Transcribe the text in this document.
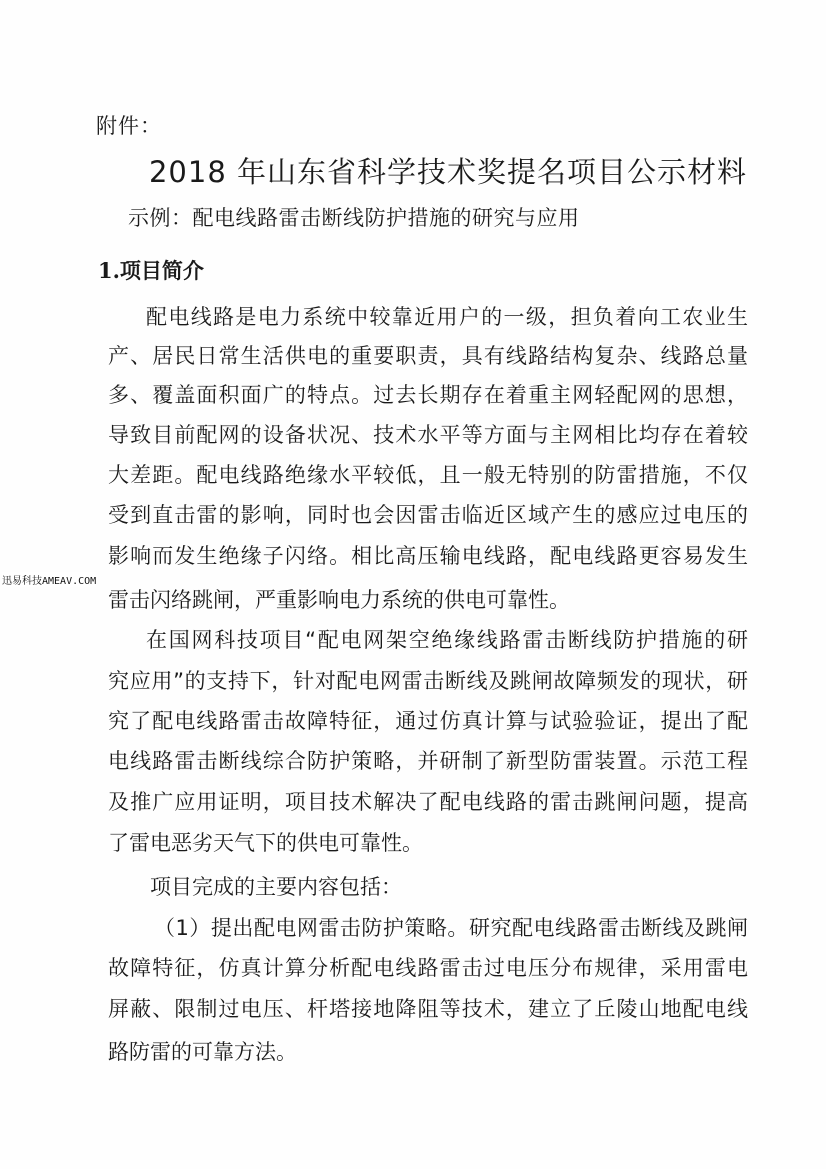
附件：
2018 年山东省科学技术奖提名项目公示材料
示例：配电线路雷击断线防护措施的研究与应用
1.项目简介
配电线路是电力系统中较靠近用户的一级，担负着向工农业生
产、居民日常生活供电的重要职责，具有线路结构复杂、线路总量
多、覆盖面积面广的特点。过去长期存在着重主网轻配网的思想，
导致目前配网的设备状况、技术水平等方面与主网相比均存在着较
大差距。配电线路绝缘水平较低，且一般无特别的防雷措施，不仅
受到直击雷的影响，同时也会因雷击临近区域产生的感应过电压的
影响而发生绝缘子闪络。相比高压输电线路，配电线路更容易发生
雷击闪络跳闸，严重影响电力系统的供电可靠性。
在国网科技项目“配电网架空绝缘线路雷击断线防护措施的研
究应用”的支持下，针对配电网雷击断线及跳闸故障频发的现状，研
究了配电线路雷击故障特征，通过仿真计算与试验验证，提出了配
电线路雷击断线综合防护策略，并研制了新型防雷装置。示范工程
及推广应用证明，项目技术解决了配电线路的雷击跳闸问题，提高
了雷电恶劣天气下的供电可靠性。
项目完成的主要内容包括：
（1）提出配电网雷击防护策略。研究配电线路雷击断线及跳闸
故障特征，仿真计算分析配电线路雷击过电压分布规律，采用雷电
屏蔽、限制过电压、杆塔接地降阻等技术，建立了丘陵山地配电线
路防雷的可靠方法。
迅易科技AMEAV.COM
